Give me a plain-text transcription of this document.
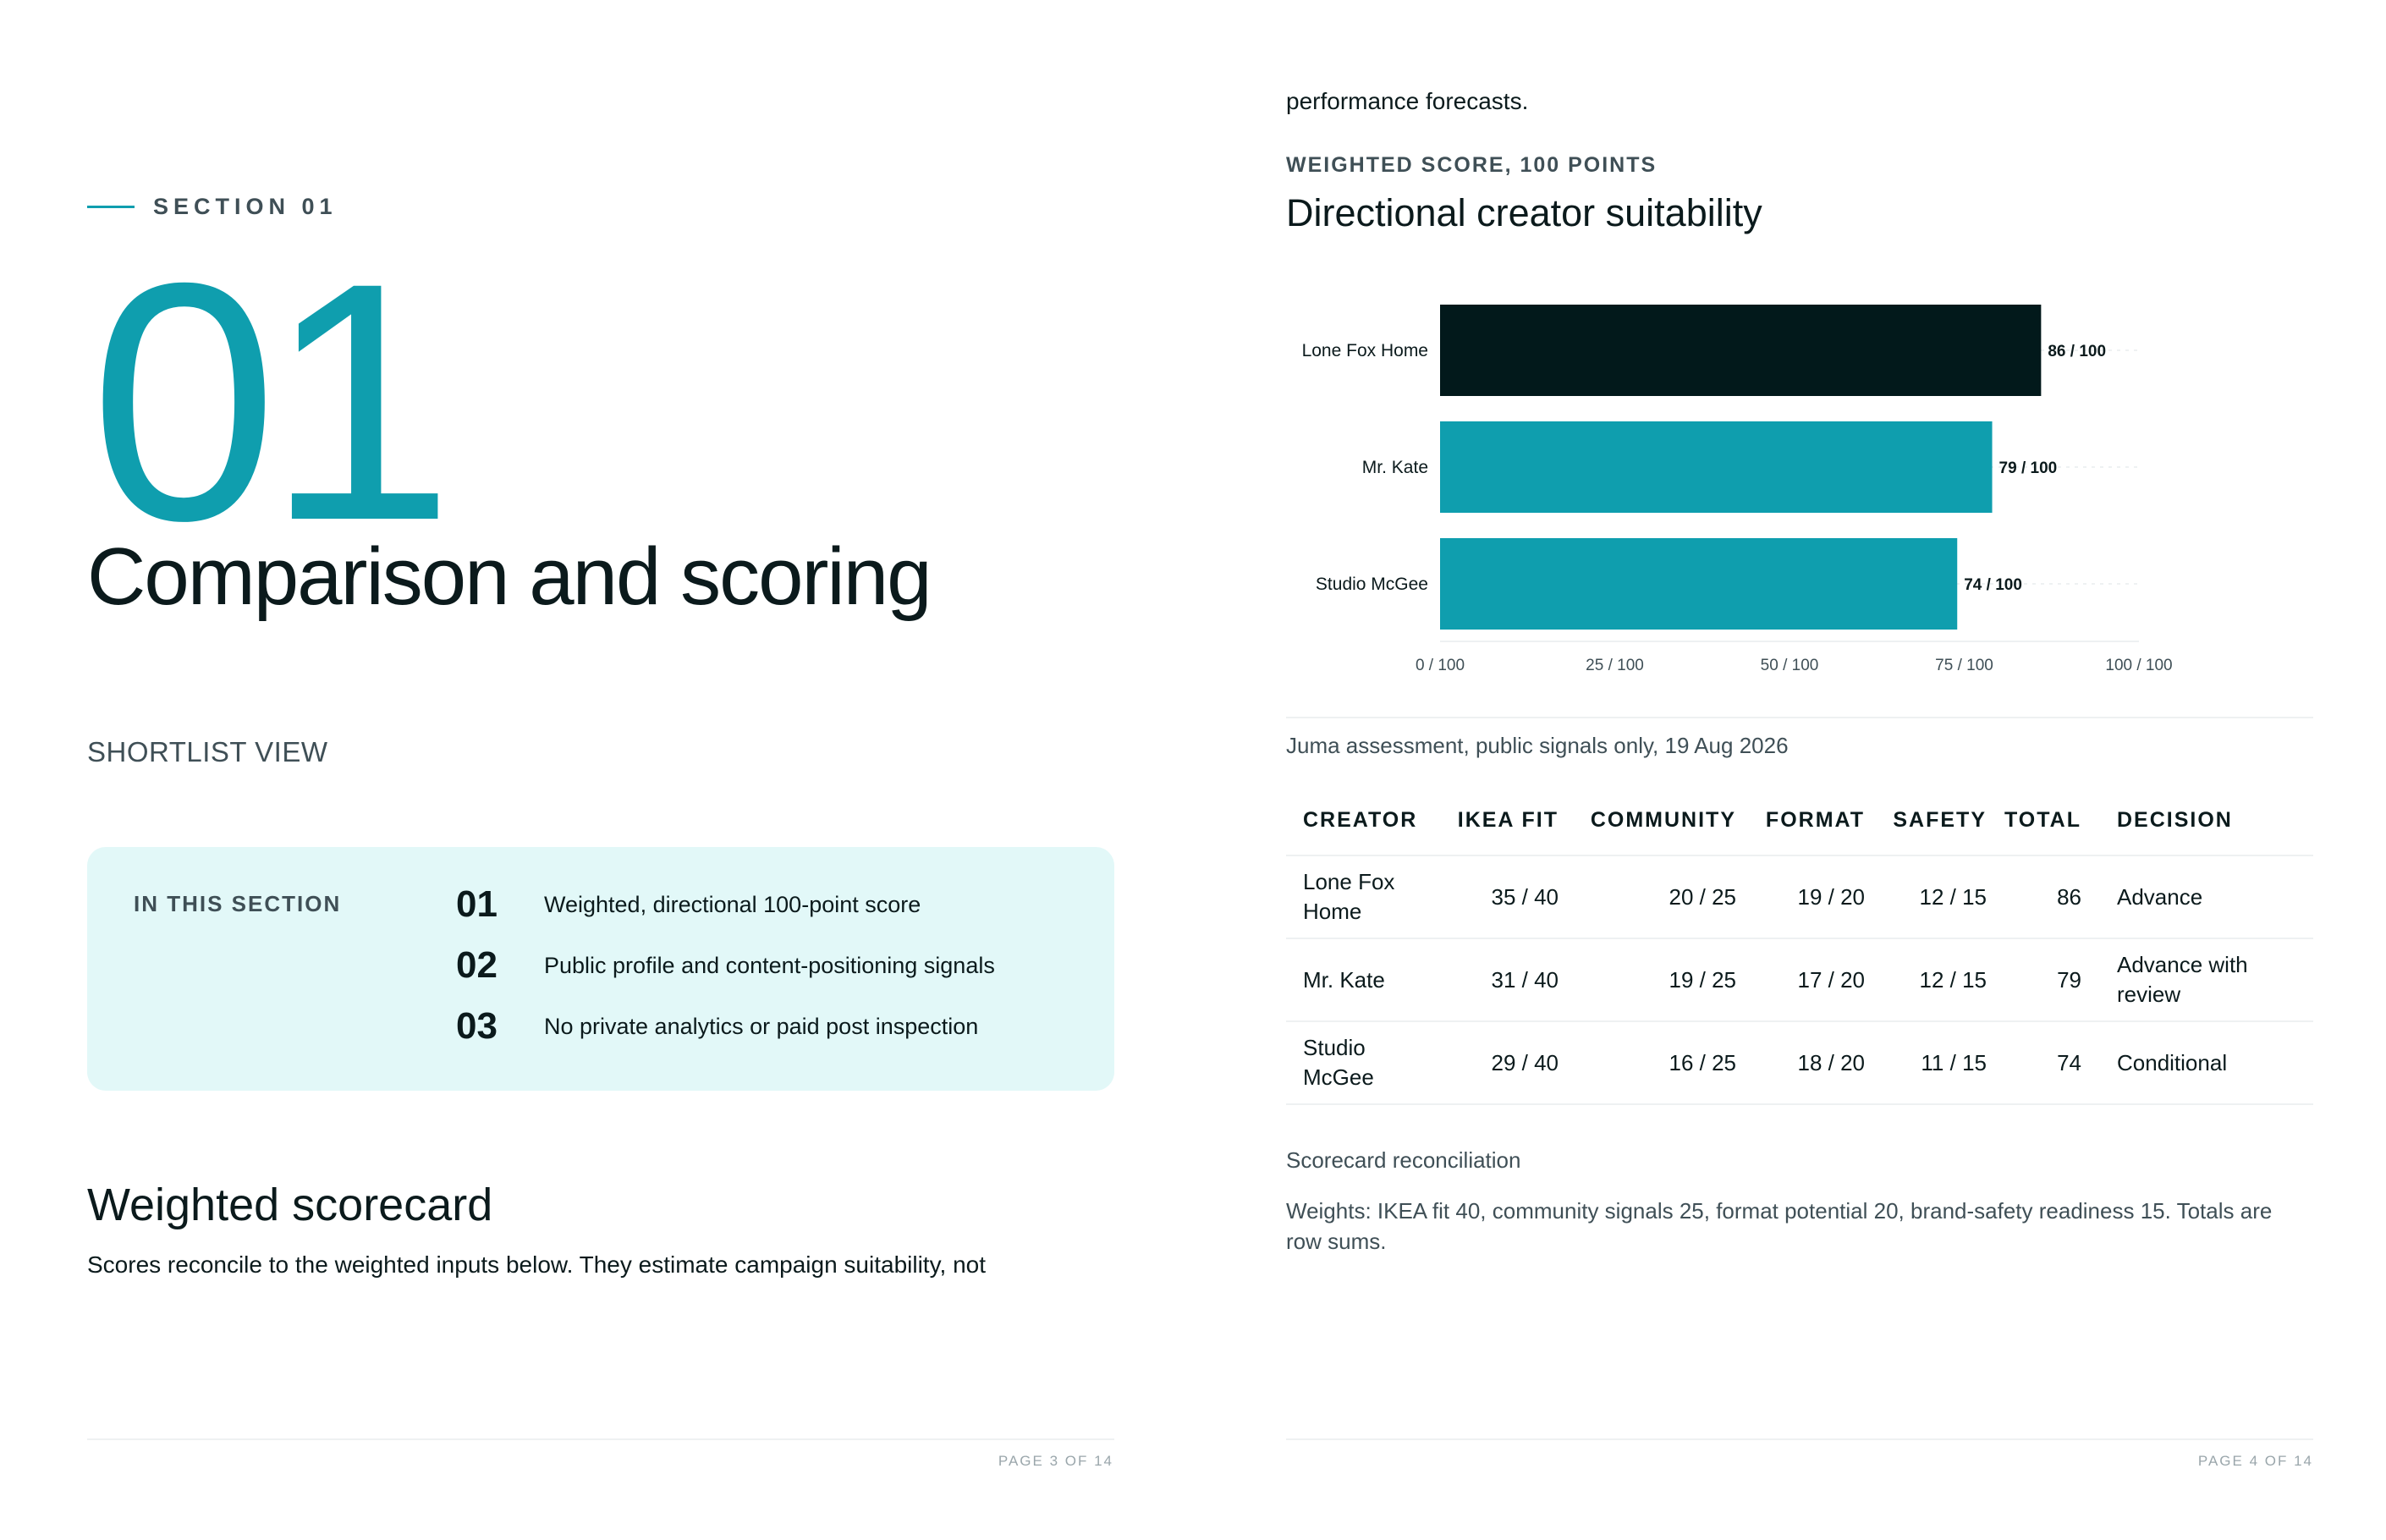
SECTION 01
01
Comparison and scoring
SHORTLIST VIEW
IN THIS SECTION	01	Weighted, directional 100-point score
02	Public profile and content-positioning signals
03	No private analytics or paid post inspection
Weighted scorecard

Scores reconcile to the weighted inputs below. They estimate campaign suitability, not

PAGE 3 OF 14

performance forecasts.

WEIGHTED SCORE, 100 POINTS
Directional creator suitability
Lone Fox Home	86 / 100
Mr. Kate	79 / 100
Studio McGee	74 / 100
0 / 100	25 / 100	50 / 100	75 / 100	100 / 100
Juma assessment, public signals only, 19 Aug 2026
CREATOR	IKEA FIT	COMMUNITY	FORMAT	SAFETY	TOTAL	DECISION
Lone Fox Home	35 / 40	20 / 25	19 / 20	12 / 15	86	Advance
Mr. Kate	31 / 40	19 / 25	17 / 20	12 / 15	79	Advance with review
Studio McGee	29 / 40	16 / 25	18 / 20	11 / 15	74	Conditional
Scorecard reconciliation

Weights: IKEA fit 40, community signals 25, format potential 20, brand-safety readiness 15. Totals are row sums.

PAGE 4 OF 14
